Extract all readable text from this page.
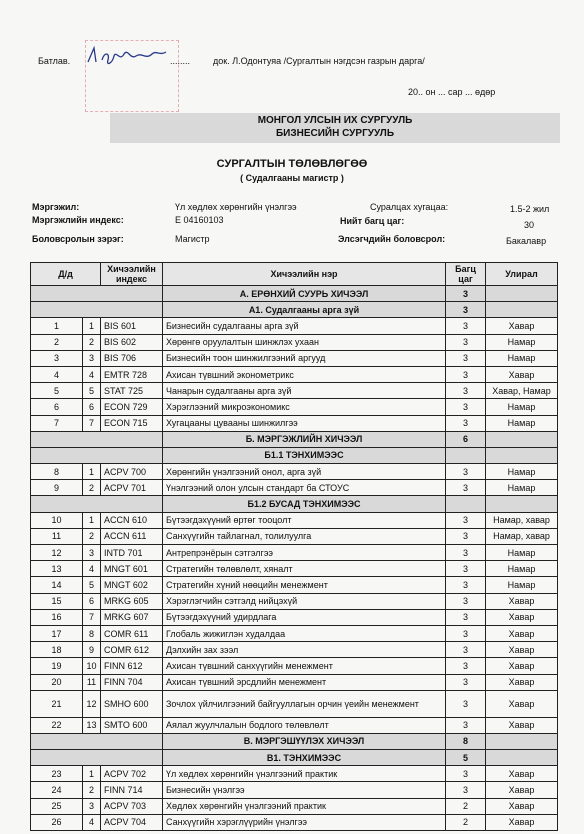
Батлав.	........	док. Л.Одонтуяа /Сургалтын нэгдсэн газрын дарга/
20.. он ... сар ... өдөр
МОНГОЛ УЛСЫН ИХ СУРГУУЛЬ
БИЗНЕСИЙН СУРГУУЛЬ
СУРГАЛТЫН ТӨЛӨВЛӨГӨӨ
( Судалгааны магистр )
Мэргэжил:	Үл хөдлөх хөрөнгийн үнэлгээ	Суралцах хугацаа:	1.5-2 жил
Мэргэжлийн индекс:	Е 04160103	Нийт багц цаг:	30
Боловсролын зэрэг:	Магистр	Элсэгчдийн боловсрол:	Бакалавр
Д/д		Хичээлийн индекс	Хичээлийн нэр	Багц цаг	Улирал
			А. ЕРӨНХИЙ СУУРЬ ХИЧЭЭЛ	3	
			А1. Судалгааны арга зүй	3	
1	1	BIS 601	Бизнесийн судалгааны арга зүй	3	Хавар
2	2	BIS 602	Хөрөнгө оруулалтын шинжлэх ухаан	3	Намар
3	3	BIS 706	Бизнесийн тоон шинжилгээний аргууд	3	Намар
4	4	EMTR 728	Ахисан түвшний эконометрикс	3	Хавар
5	5	STAT 725	Чанарын судалгааны арга зүй	3	Хавар, Намар
6	6	ECON 729	Хэрэглээний микроэкономикс	3	Намар
7	7	ECON 715	Хугацааны цувааны шинжилгээ	3	Намар
			Б. МЭРГЭЖЛИЙН ХИЧЭЭЛ	6	
			Б1.1 ТЭНХИМЭЭС		
8	1	ACPV 700	Хөрөнгийн үнэлгээний онол, арга зүй	3	Намар
9	2	ACPV 701	Үнэлгээний олон улсын стандарт ба СТОУС	3	Намар
			Б1.2 БУСАД ТЭНХИМЭЭС		
10	1	ACCN 610	Бүтээгдэхүүний өртөг тооцолт	3	Намар, хавар
11	2	ACCN 611	Санхүүгийн тайлагнал, толилуулга	3	Намар, хавар
12	3	INTD 701	Антрепрэнёрын сэтгэлгээ	3	Намар
13	4	MNGT 601	Стратегийн төлөвлөлт, хяналт	3	Намар
14	5	MNGT 602	Стратегийн хүний нөөцийн менежмент	3	Намар
15	6	MRKG 605	Хэрэглэгчийн сэтгэлд нийцэхүй	3	Хавар
16	7	MRKG 607	Бүтээгдэхүүний удирдлага	3	Хавар
17	8	COMR 611	Глобаль жижиглэн худалдаа	3	Хавар
18	9	COMR 612	Дэлхийн зах зээл	3	Хавар
19	10	FINN 612	Ахисан түвшний санхүүгийн менежмент	3	Хавар
20	11	FINN 704	Ахисан түвшний эрсдлийн менежмент	3	Хавар
21	12	SMHO 600	Зочлох үйлчилгээний байгууллагын орчин үеийн менежмент	3	Хавар
22	13	SMTO 600	Аялал жуулчлалын бодлого төлөвлөлт	3	Хавар
			В. МЭРГЭШҮҮЛЭХ ХИЧЭЭЛ	8	
			В1. ТЭНХИМЭЭС	5	
23	1	ACPV 702	Үл хөдлөх хөрөнгийн үнэлгээний практик	3	Хавар
24	2	FINN 714	Бизнесийн үнэлгээ	3	Хавар
25	3	ACPV 703	Хөдлөх хөрөнгийн үнэлгээний практик	2	Хавар
26	4	ACPV 704	Санхүүгийн хэрэглүүрийн үнэлгээ	2	Хавар
